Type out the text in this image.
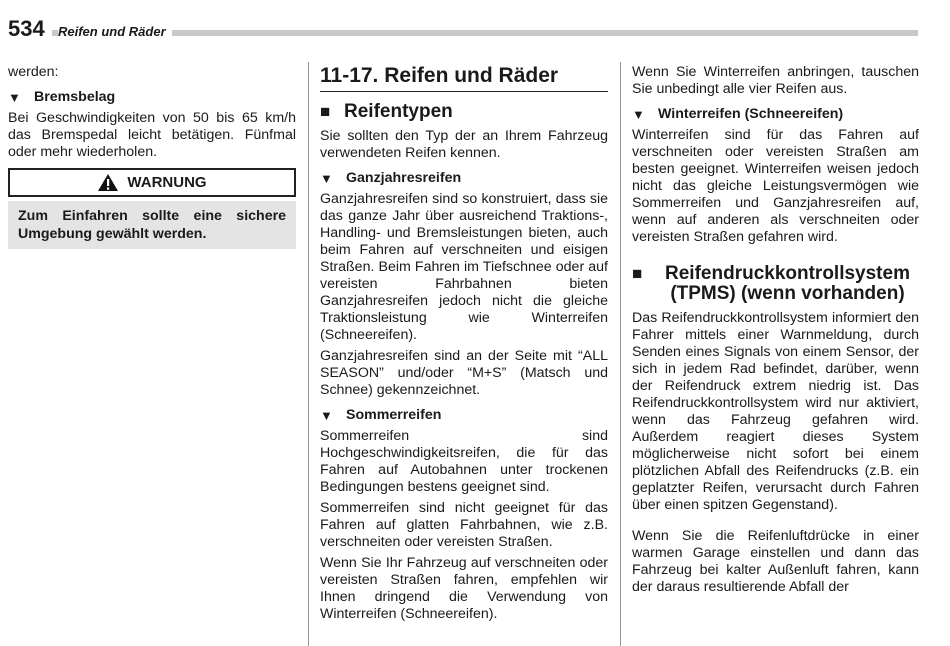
534 Reifen und Räder

werden:

▼ Bremsbelag

Bei Geschwindigkeiten von 50 bis 65 km/h das Bremspedal leicht betätigen. Fünfmal oder mehr wiederholen.

WARNUNG
Zum Einfahren sollte eine sichere Umgebung gewählt werden.
11-17. Reifen und Räder
■ Reifentypen

Sie sollten den Typ der an Ihrem Fahrzeug verwendeten Reifen kennen.

▼ Ganzjahresreifen

Ganzjahresreifen sind so konstruiert, dass sie das ganze Jahr über ausreichend Traktions-, Handling- und Bremsleistungen bieten, auch beim Fahren auf verschneiten und eisigen Straßen. Beim Fahren im Tiefschnee oder auf vereisten Fahrbahnen bieten Ganzjahresreifen jedoch nicht die gleiche Traktionsleistung wie Winterreifen (Schneereifen).

Ganzjahresreifen sind an der Seite mit “ALL SEASON” und/oder “M+S” (Matsch und Schnee) gekennzeichnet.

▼ Sommerreifen

Sommerreifen sind Hochgeschwindigkeitsreifen, die für das Fahren auf Autobahnen unter trockenen Bedingungen bestens geeignet sind.

Sommerreifen sind nicht geeignet für das Fahren auf glatten Fahrbahnen, wie z.B. verschneiten oder vereisten Straßen.

Wenn Sie Ihr Fahrzeug auf verschneiten oder vereisten Straßen fahren, empfehlen wir Ihnen dringend die Verwendung von Winterreifen (Schneereifen).

Wenn Sie Winterreifen anbringen, tauschen Sie unbedingt alle vier Reifen aus.

▼ Winterreifen (Schneereifen)

Winterreifen sind für das Fahren auf verschneiten oder vereisten Straßen am besten geeignet. Winterreifen weisen jedoch nicht das gleiche Leistungsvermögen wie Sommerreifen und Ganzjahresreifen auf, wenn auf anderen als verschneiten oder vereisten Straßen gefahren wird.

■	Reifendruckkontrollsystem (TPMS) (wenn vorhanden)

Das Reifendruckkontrollsystem informiert den Fahrer mittels einer Warnmeldung, durch Senden eines Signals von einem Sensor, der sich in jedem Rad befindet, darüber, wenn der Reifendruck extrem niedrig ist. Das Reifendruckkontrollsystem wird nur aktiviert, wenn das Fahrzeug gefahren wird. Außerdem reagiert dieses System möglicherweise nicht sofort bei einem plötzlichen Abfall des Reifendrucks (z.B. ein geplatzter Reifen, verursacht durch Fahren über einen spitzen Gegenstand).

Wenn Sie die Reifenluftdrücke in einer warmen Garage einstellen und dann das Fahrzeug bei kalter Außenluft fahren, kann der daraus resultierende Abfall der
